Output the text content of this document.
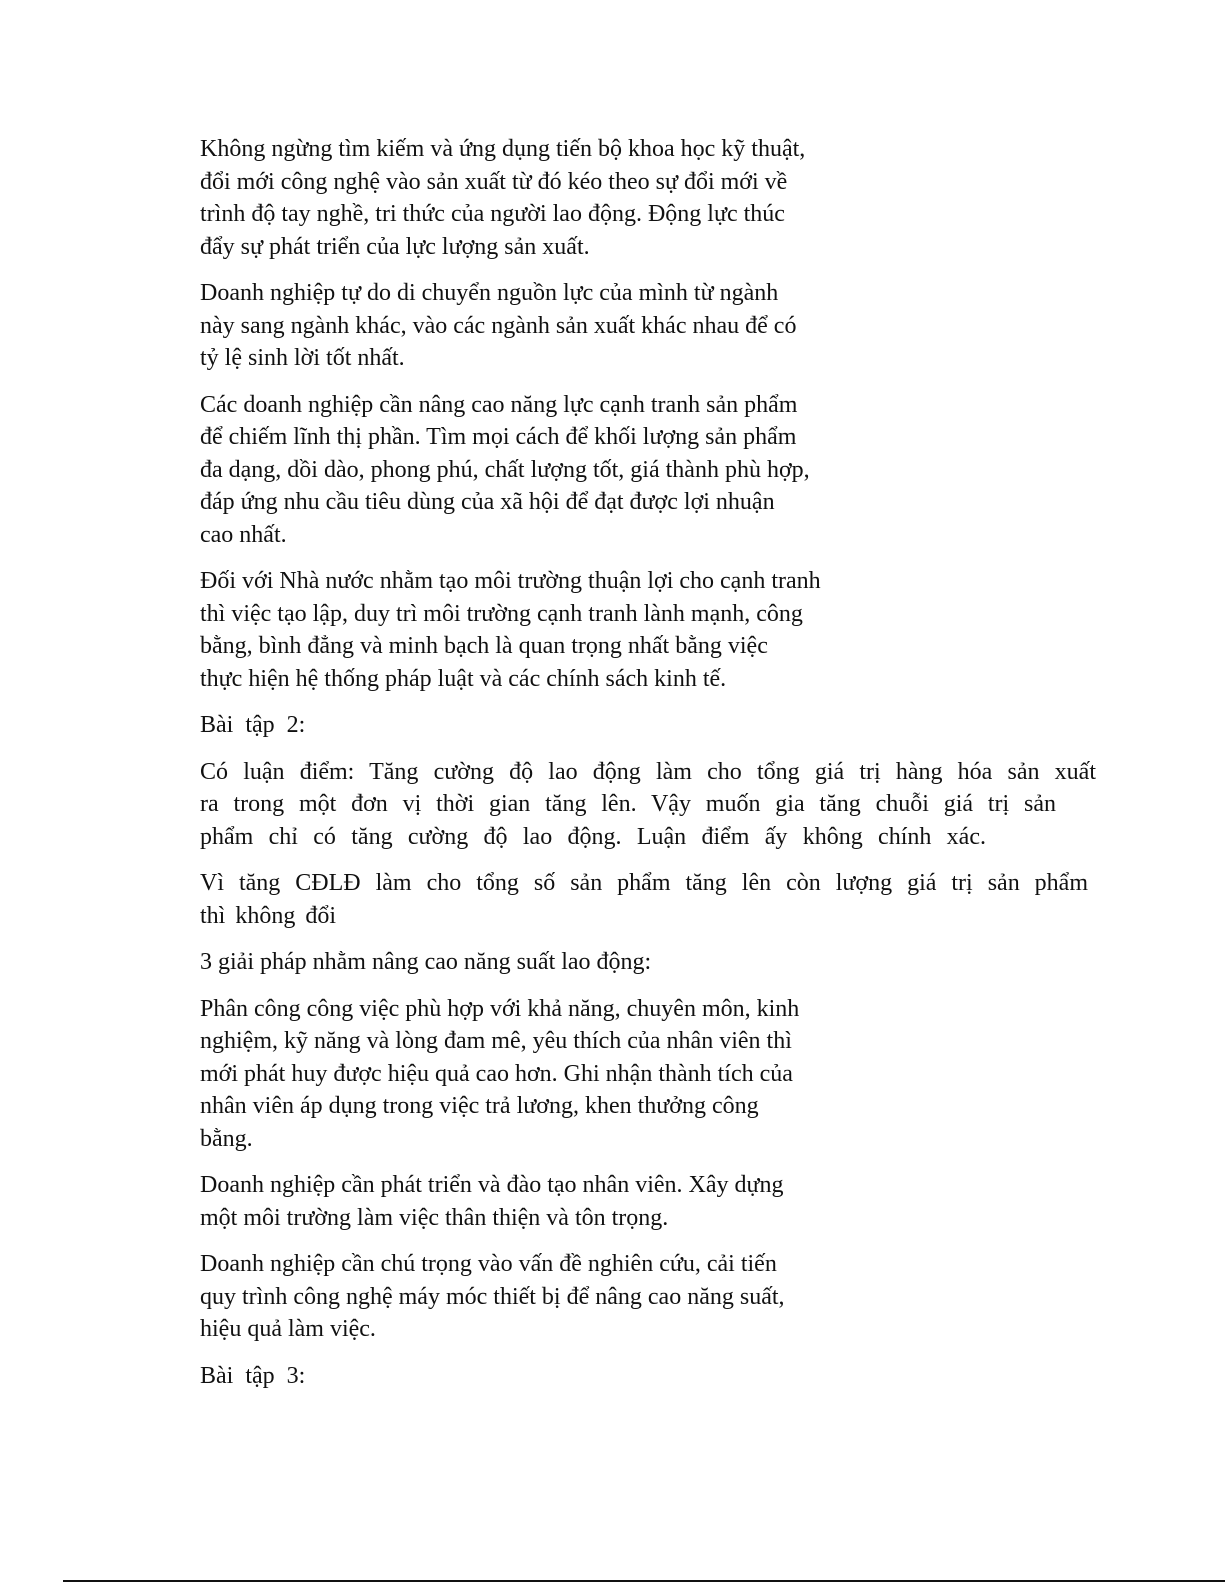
Không ngừng tìm kiếm và ứng dụng tiến bộ khoa học kỹ thuật,
đổi mới công nghệ vào sản xuất từ đó kéo theo sự đổi mới về
trình độ tay nghề, tri thức của người lao động. Động lực thúc
đẩy sự phát triển của lực lượng sản xuất.

Doanh nghiệp tự do di chuyển nguồn lực của mình từ ngành
này sang ngành khác, vào các ngành sản xuất khác nhau để có
tỷ lệ sinh lời tốt nhất.

Các doanh nghiệp cần nâng cao năng lực cạnh tranh sản phẩm
để chiếm lĩnh thị phần. Tìm mọi cách để khối lượng sản phẩm
đa dạng, dồi dào, phong phú, chất lượng tốt, giá thành phù hợp,
đáp ứng nhu cầu tiêu dùng của xã hội để đạt được lợi nhuận
cao nhất.

Đối với Nhà nước nhằm tạo môi trường thuận lợi cho cạnh tranh
thì việc tạo lập, duy trì môi trường cạnh tranh lành mạnh, công
bằng, bình đẳng và minh bạch là quan trọng nhất bằng việc
thực hiện hệ thống pháp luật và các chính sách kinh tế.

Bài  tập  2:

Có luận điểm: Tăng cường độ lao động làm cho tổng giá trị hàng hóa sản xuất
ra trong một đơn vị thời gian tăng lên. Vậy muốn gia tăng chuỗi giá trị sản
phẩm chỉ có tăng cường độ lao động. Luận điểm ấy không chính xác.

Vì tăng CĐLĐ làm cho tổng số sản phẩm tăng lên còn lượng giá trị sản phẩm
thì không đổi

3 giải pháp nhằm nâng cao năng suất lao động:

Phân công công việc phù hợp với khả năng, chuyên môn, kinh
nghiệm, kỹ năng và lòng đam mê, yêu thích của nhân viên thì
mới phát huy được hiệu quả cao hơn. Ghi nhận thành tích của
nhân viên áp dụng trong việc trả lương, khen thưởng công
bằng.

Doanh nghiệp cần phát triển và đào tạo nhân viên. Xây dựng
một môi trường làm việc thân thiện và tôn trọng.

Doanh nghiệp cần chú trọng vào vấn đề nghiên cứu, cải tiến
quy trình công nghệ máy móc thiết bị để nâng cao năng suất,
hiệu quả làm việc.

Bài  tập  3:
